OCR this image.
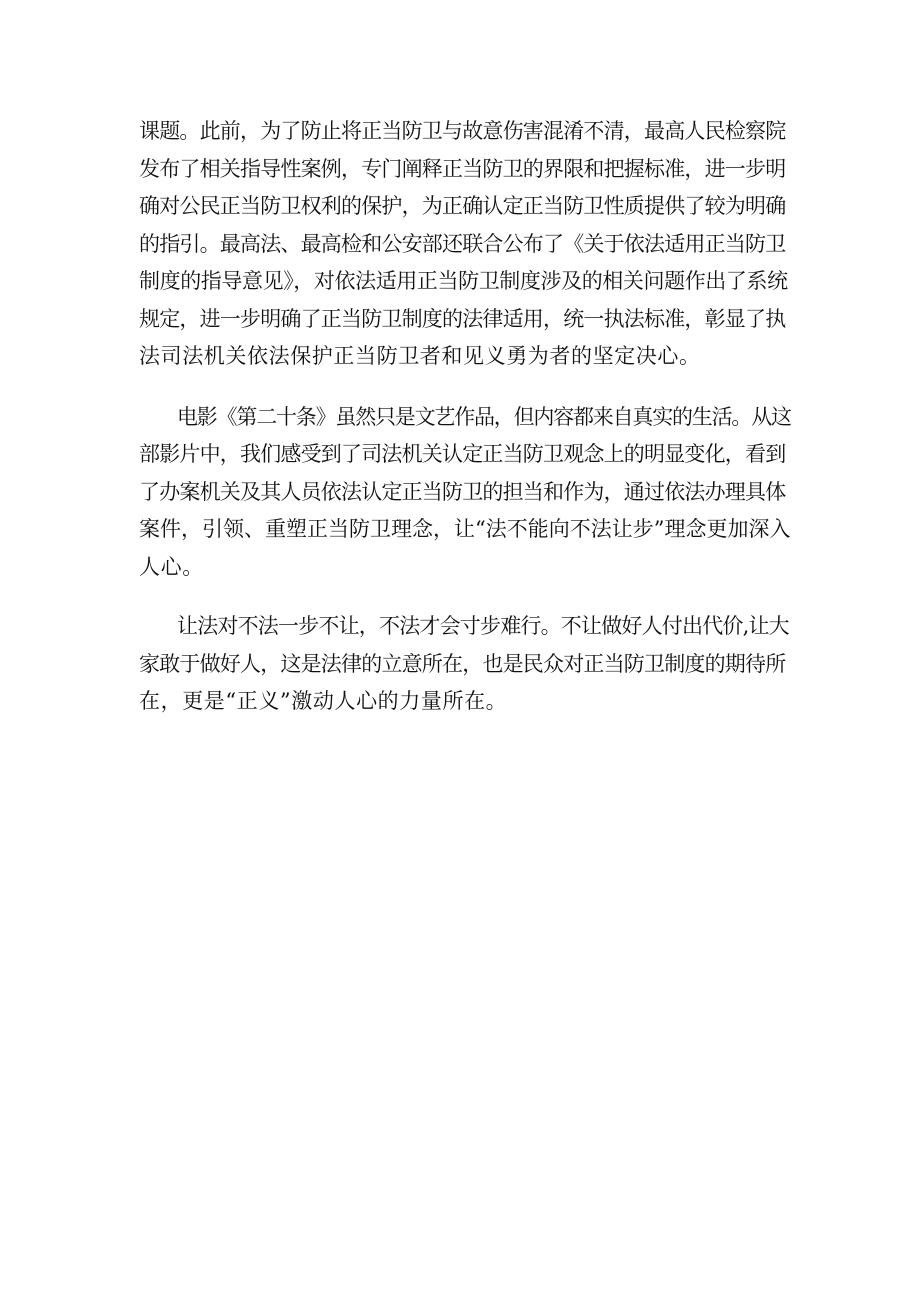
课题。此前，为了防止将正当防卫与故意伤害混淆不清，最高人民检察院
发布了相关指导性案例，专门阐释正当防卫的界限和把握标准，进一步明
确对公民正当防卫权利的保护，为正确认定正当防卫性质提供了较为明确
的指引。最高法、最高检和公安部还联合公布了《关于依法适用正当防卫
制度的指导意见》，对依法适用正当防卫制度涉及的相关问题作出了系统
规定，进一步明确了正当防卫制度的法律适用，统一执法标准，彰显了执
法司法机关依法保护正当防卫者和见义勇为者的坚定决心。

电影《第二十条》虽然只是文艺作品，但内容都来自真实的生活。从这
部影片中，我们感受到了司法机关认定正当防卫观念上的明显变化，看到
了办案机关及其人员依法认定正当防卫的担当和作为，通过依法办理具体
案件，引领、重塑正当防卫理念，让“法不能向不法让步”理念更加深入
人心。

让法对不法一步不让，不法才会寸步难行。不让做好人付出代价,让大
家敢于做好人，这是法律的立意所在，也是民众对正当防卫制度的期待所
在，更是“正义”激动人心的力量所在。
